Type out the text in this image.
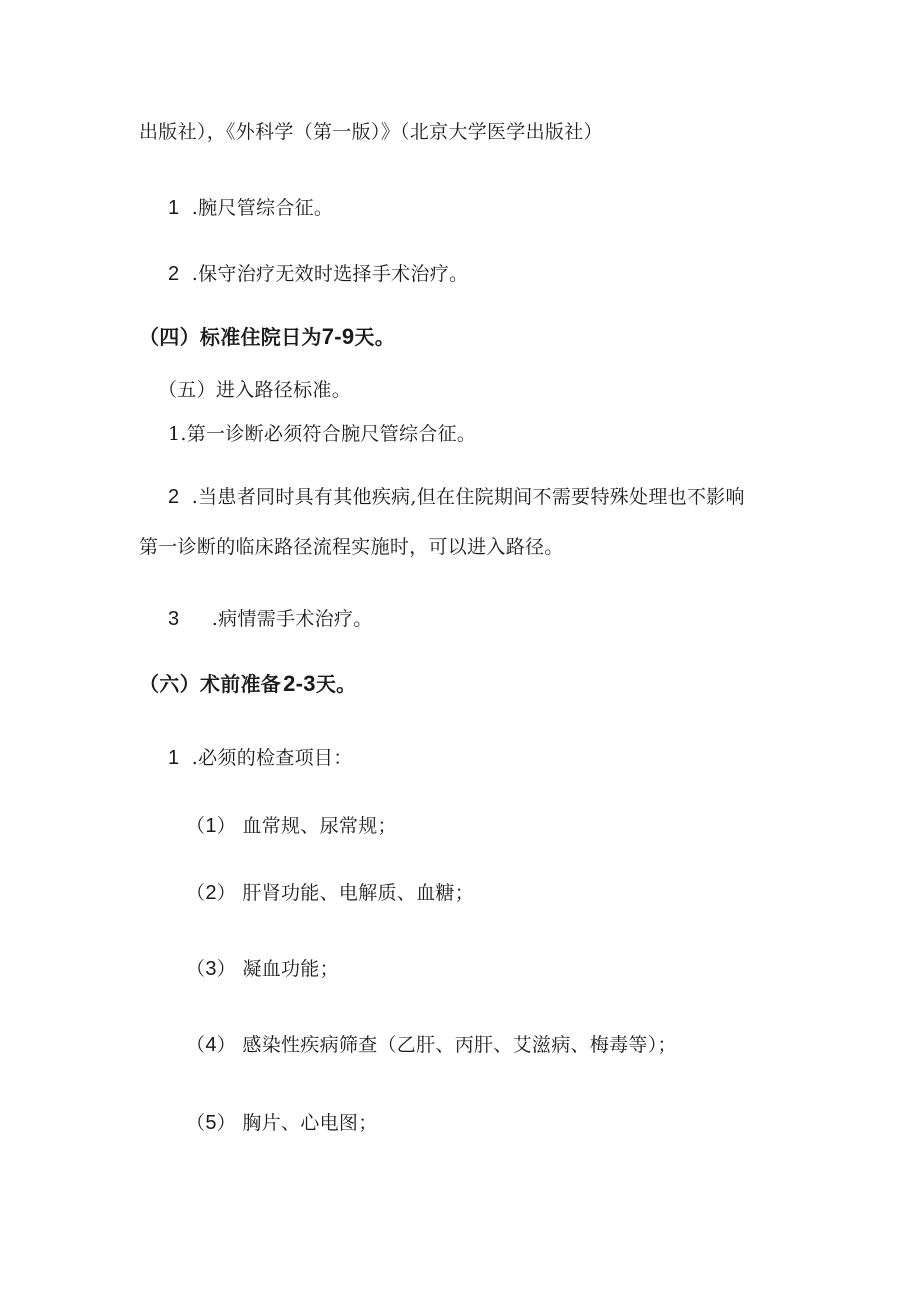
出版社），《外科学（第一版）》（北京大学医学出版社）
1 .腕尺管综合征。
2 .保守治疗无效时选择手术治疗。
（四）标准住院日为7-9天。
（五）进入路径标准。
1.第一诊断必须符合腕尺管综合征。
2 .当患者同时具有其他疾病,但在住院期间不需要特殊处理也不影响
第一诊断的临床路径流程实施时，可以进入路径。
3 .病情需手术治疗。
（六）术前准备2-3天。
1 .必须的检查项目：
（1） 血常规、尿常规；
（2） 肝肾功能、电解质、血糖；
（3） 凝血功能；
（4） 感染性疾病筛查（乙肝、丙肝、艾滋病、梅毒等）；
（5） 胸片、心电图；
